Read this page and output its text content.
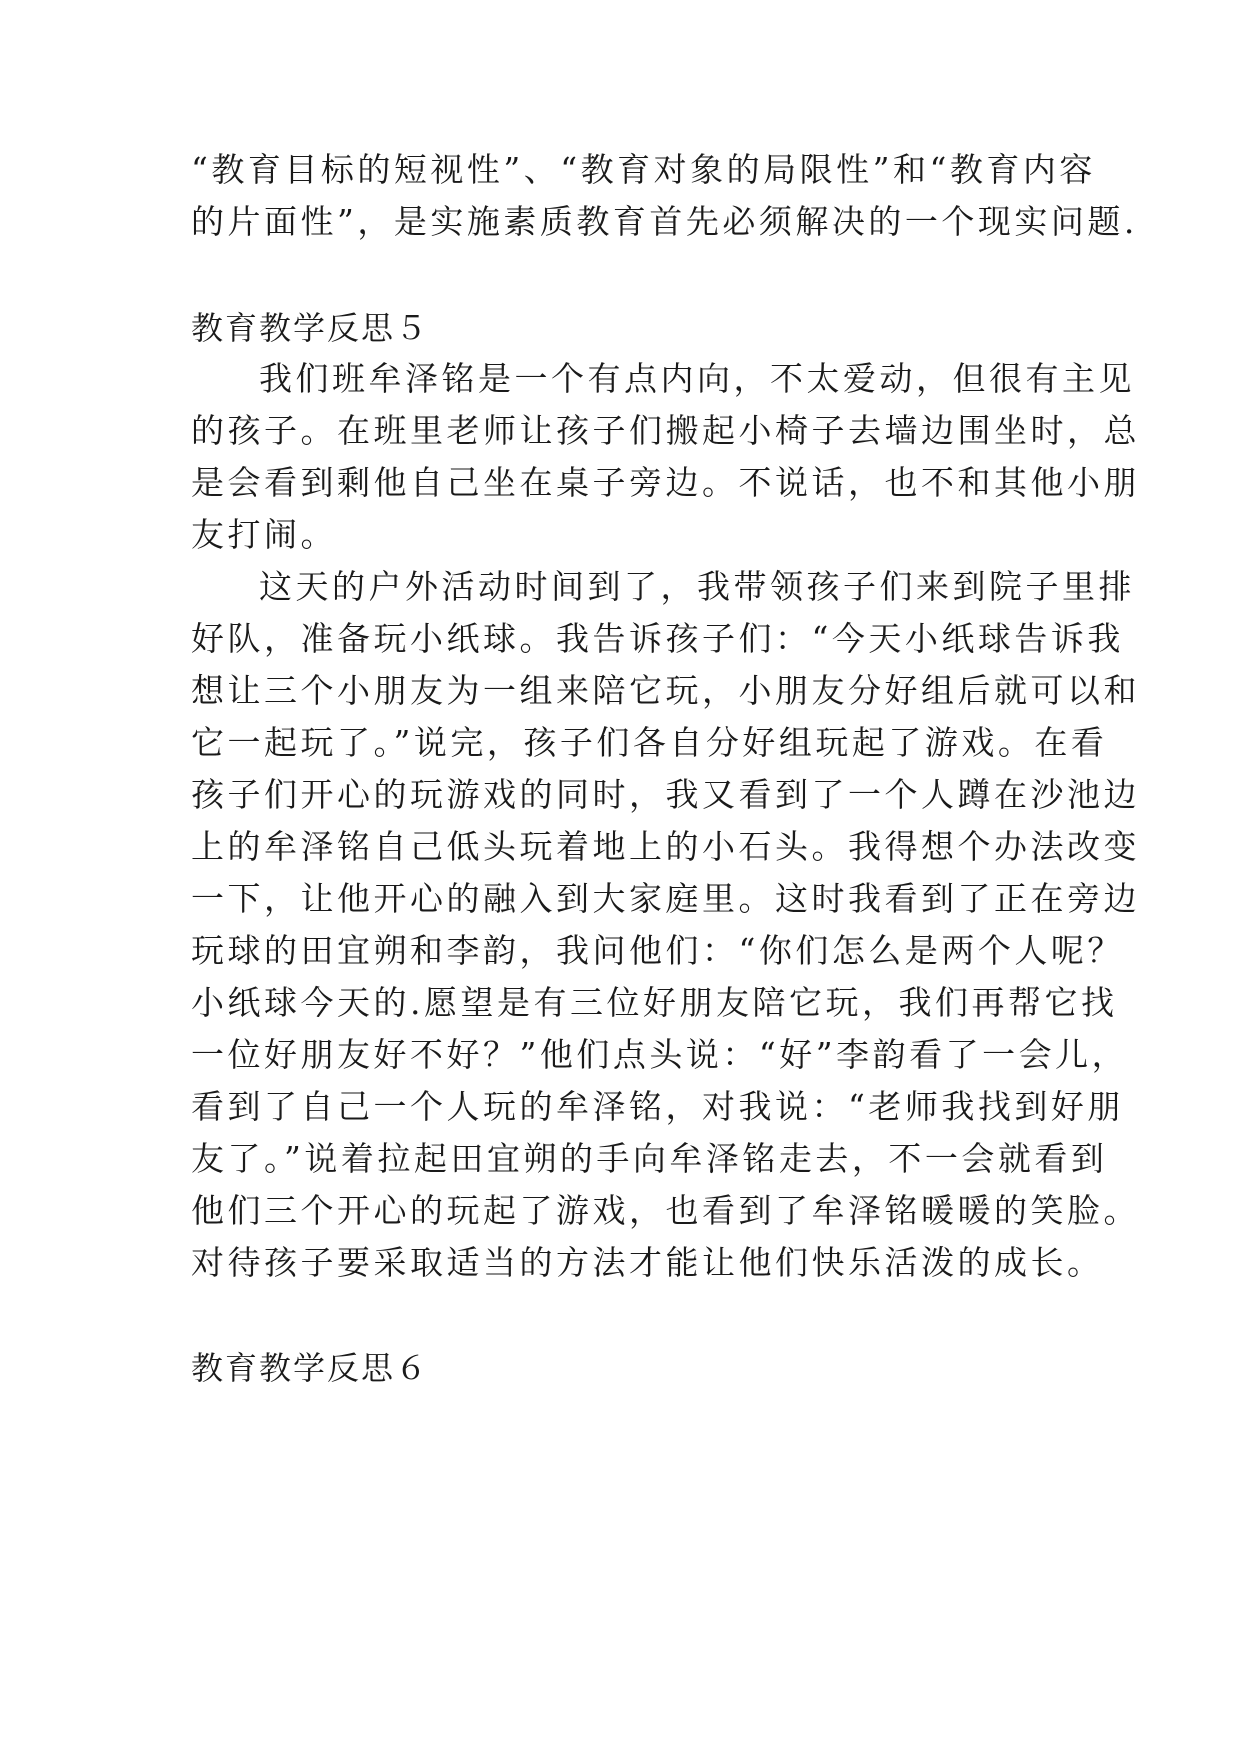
“教育目标的短视性”、“教育对象的局限性”和“教育内容
的片面性”，是实施素质教育首先必须解决的一个现实问题.
教育教学反思５
我们班牟泽铭是一个有点内向，不太爱动，但很有主见
的孩子。在班里老师让孩子们搬起小椅子去墙边围坐时，总
是会看到剩他自己坐在桌子旁边。不说话，也不和其他小朋
友打闹。
这天的户外活动时间到了，我带领孩子们来到院子里排
好队，准备玩小纸球。我告诉孩子们：“今天小纸球告诉我
想让三个小朋友为一组来陪它玩，小朋友分好组后就可以和
它一起玩了。”说完，孩子们各自分好组玩起了游戏。在看
孩子们开心的玩游戏的同时，我又看到了一个人蹲在沙池边
上的牟泽铭自己低头玩着地上的小石头。我得想个办法改变
一下，让他开心的融入到大家庭里。这时我看到了正在旁边
玩球的田宜朔和李韵，我问他们：“你们怎么是两个人呢？
小纸球今天的.愿望是有三位好朋友陪它玩，我们再帮它找
一位好朋友好不好？”他们点头说：“好”李韵看了一会儿，
看到了自己一个人玩的牟泽铭，对我说：“老师我找到好朋
友了。”说着拉起田宜朔的手向牟泽铭走去，不一会就看到
他们三个开心的玩起了游戏，也看到了牟泽铭暖暖的笑脸。
对待孩子要采取适当的方法才能让他们快乐活泼的成长。
教育教学反思６
